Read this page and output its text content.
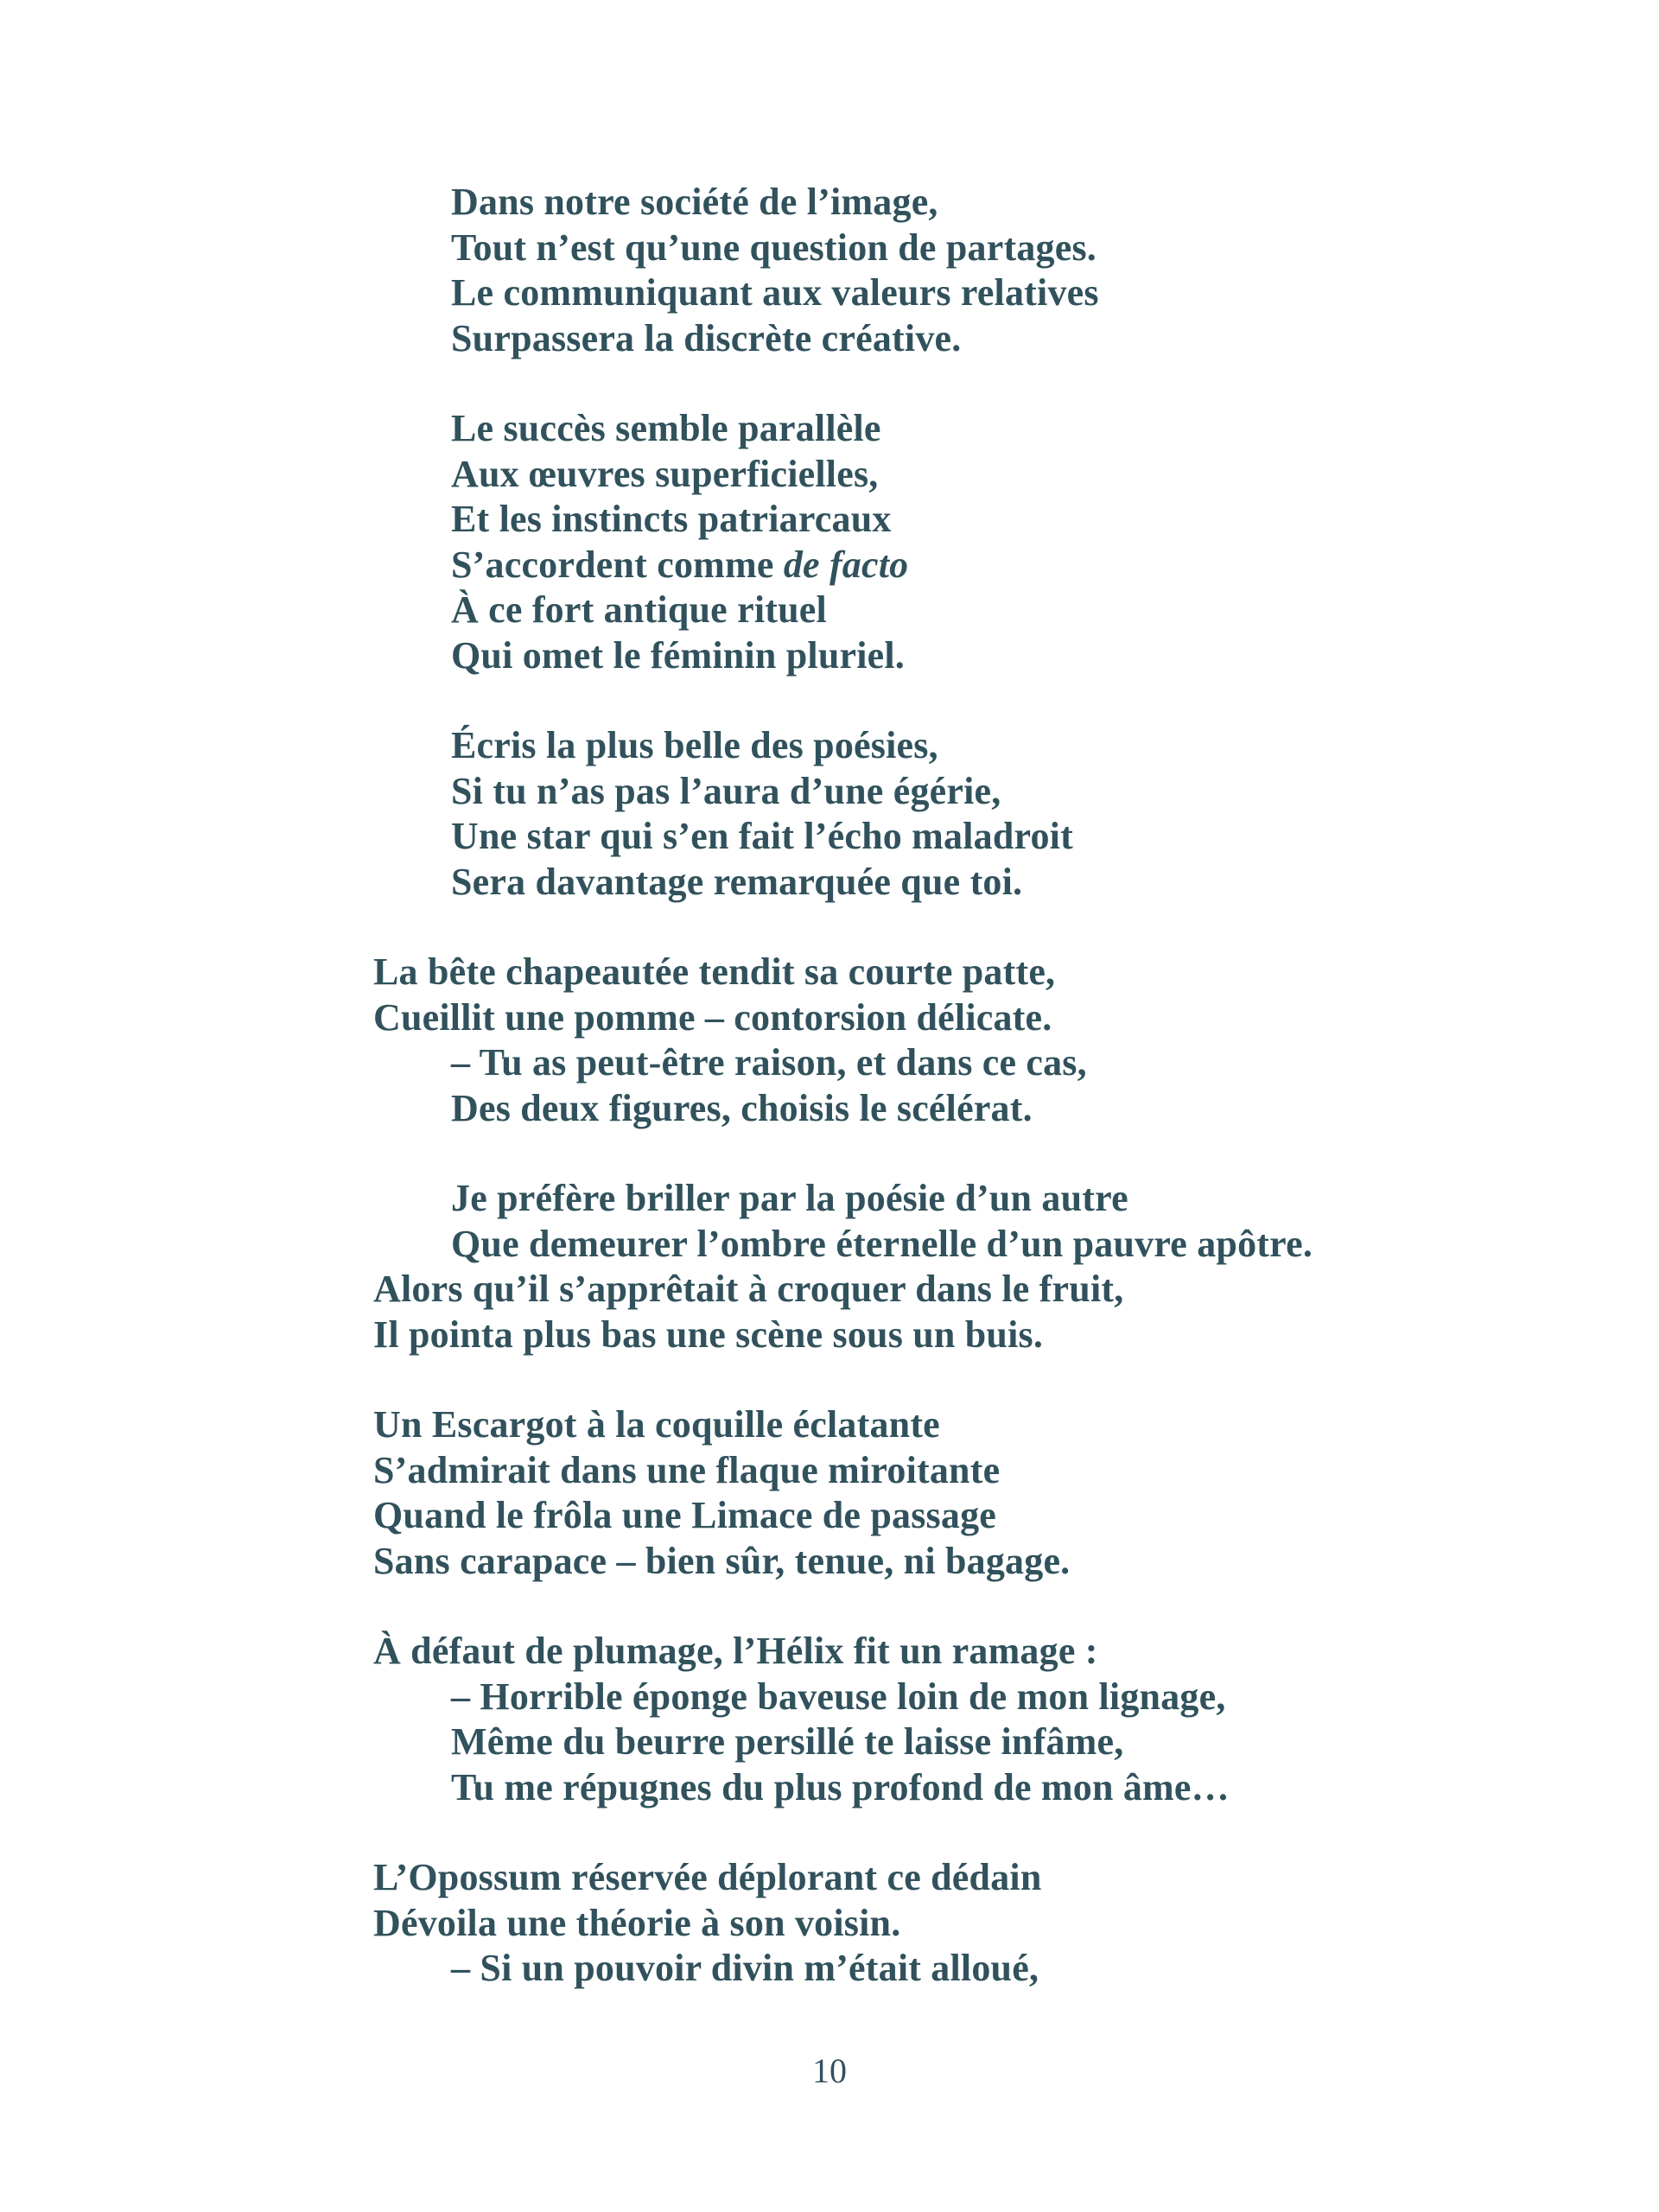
Dans notre société de l’image,
Tout n’est qu’une question de partages.
Le communiquant aux valeurs relatives
Surpassera la discrète créative.
Le succès semble parallèle
Aux œuvres superficielles,
Et les instincts patriarcaux
S’accordent comme de facto
À ce fort antique rituel
Qui omet le féminin pluriel.
Écris la plus belle des poésies,
Si tu n’as pas l’aura d’une égérie,
Une star qui s’en fait l’écho maladroit
Sera davantage remarquée que toi.
La bête chapeautée tendit sa courte patte,
Cueillit une pomme – contorsion délicate.
– Tu as peut-être raison, et dans ce cas,
Des deux figures, choisis le scélérat.
Je préfère briller par la poésie d’un autre
Que demeurer l’ombre éternelle d’un pauvre apôtre.
Alors qu’il s’apprêtait à croquer dans le fruit,
Il pointa plus bas une scène sous un buis.
Un Escargot à la coquille éclatante
S’admirait dans une flaque miroitante
Quand le frôla une Limace de passage
Sans carapace – bien sûr, tenue, ni bagage.
À défaut de plumage, l’Hélix fit un ramage :
– Horrible éponge baveuse loin de mon lignage,
Même du beurre persillé te laisse infâme,
Tu me répugnes du plus profond de mon âme…
L’Opossum réservée déplorant ce dédain
Dévoila une théorie à son voisin.
– Si un pouvoir divin m’était alloué,
10
